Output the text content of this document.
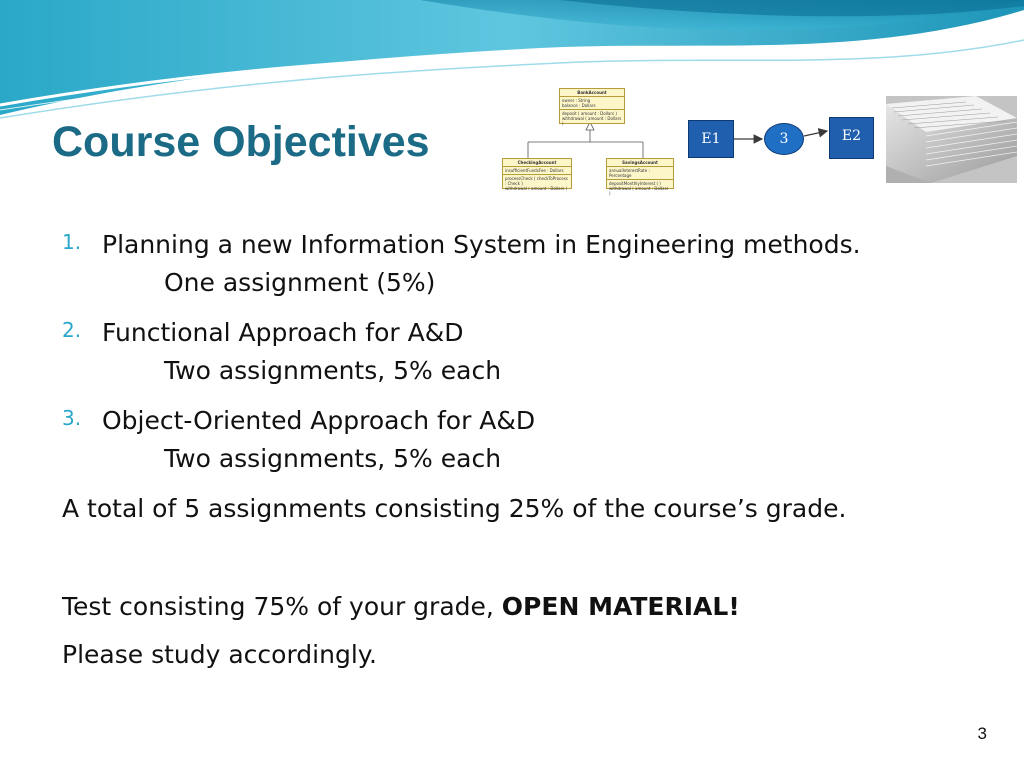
Course Objectives
BankAccount
owner : String
balance : Dollars
deposit ( amount : Dollars )
withdrawal ( amount : Dollars )
CheckingAccount
insufficientFundsFee : Dollars
processCheck ( checkToProcess : Check )
withdrawal ( amount : Dollars )
SavingsAccount
annualInterestRate : Percentage
depositMonthlyInterest ( )
withdrawal ( amount : Dollars )
E1	3	E2
1. Planning a new Information System in Engineering methods.
One assignment (5%)
2. Functional Approach for A&D
Two assignments, 5% each
3. Object-Oriented Approach for A&D
Two assignments, 5% each

A total of 5 assignments consisting 25% of the course’s grade.

Test consisting 75% of your grade, OPEN MATERIAL!

Please study accordingly.

3
